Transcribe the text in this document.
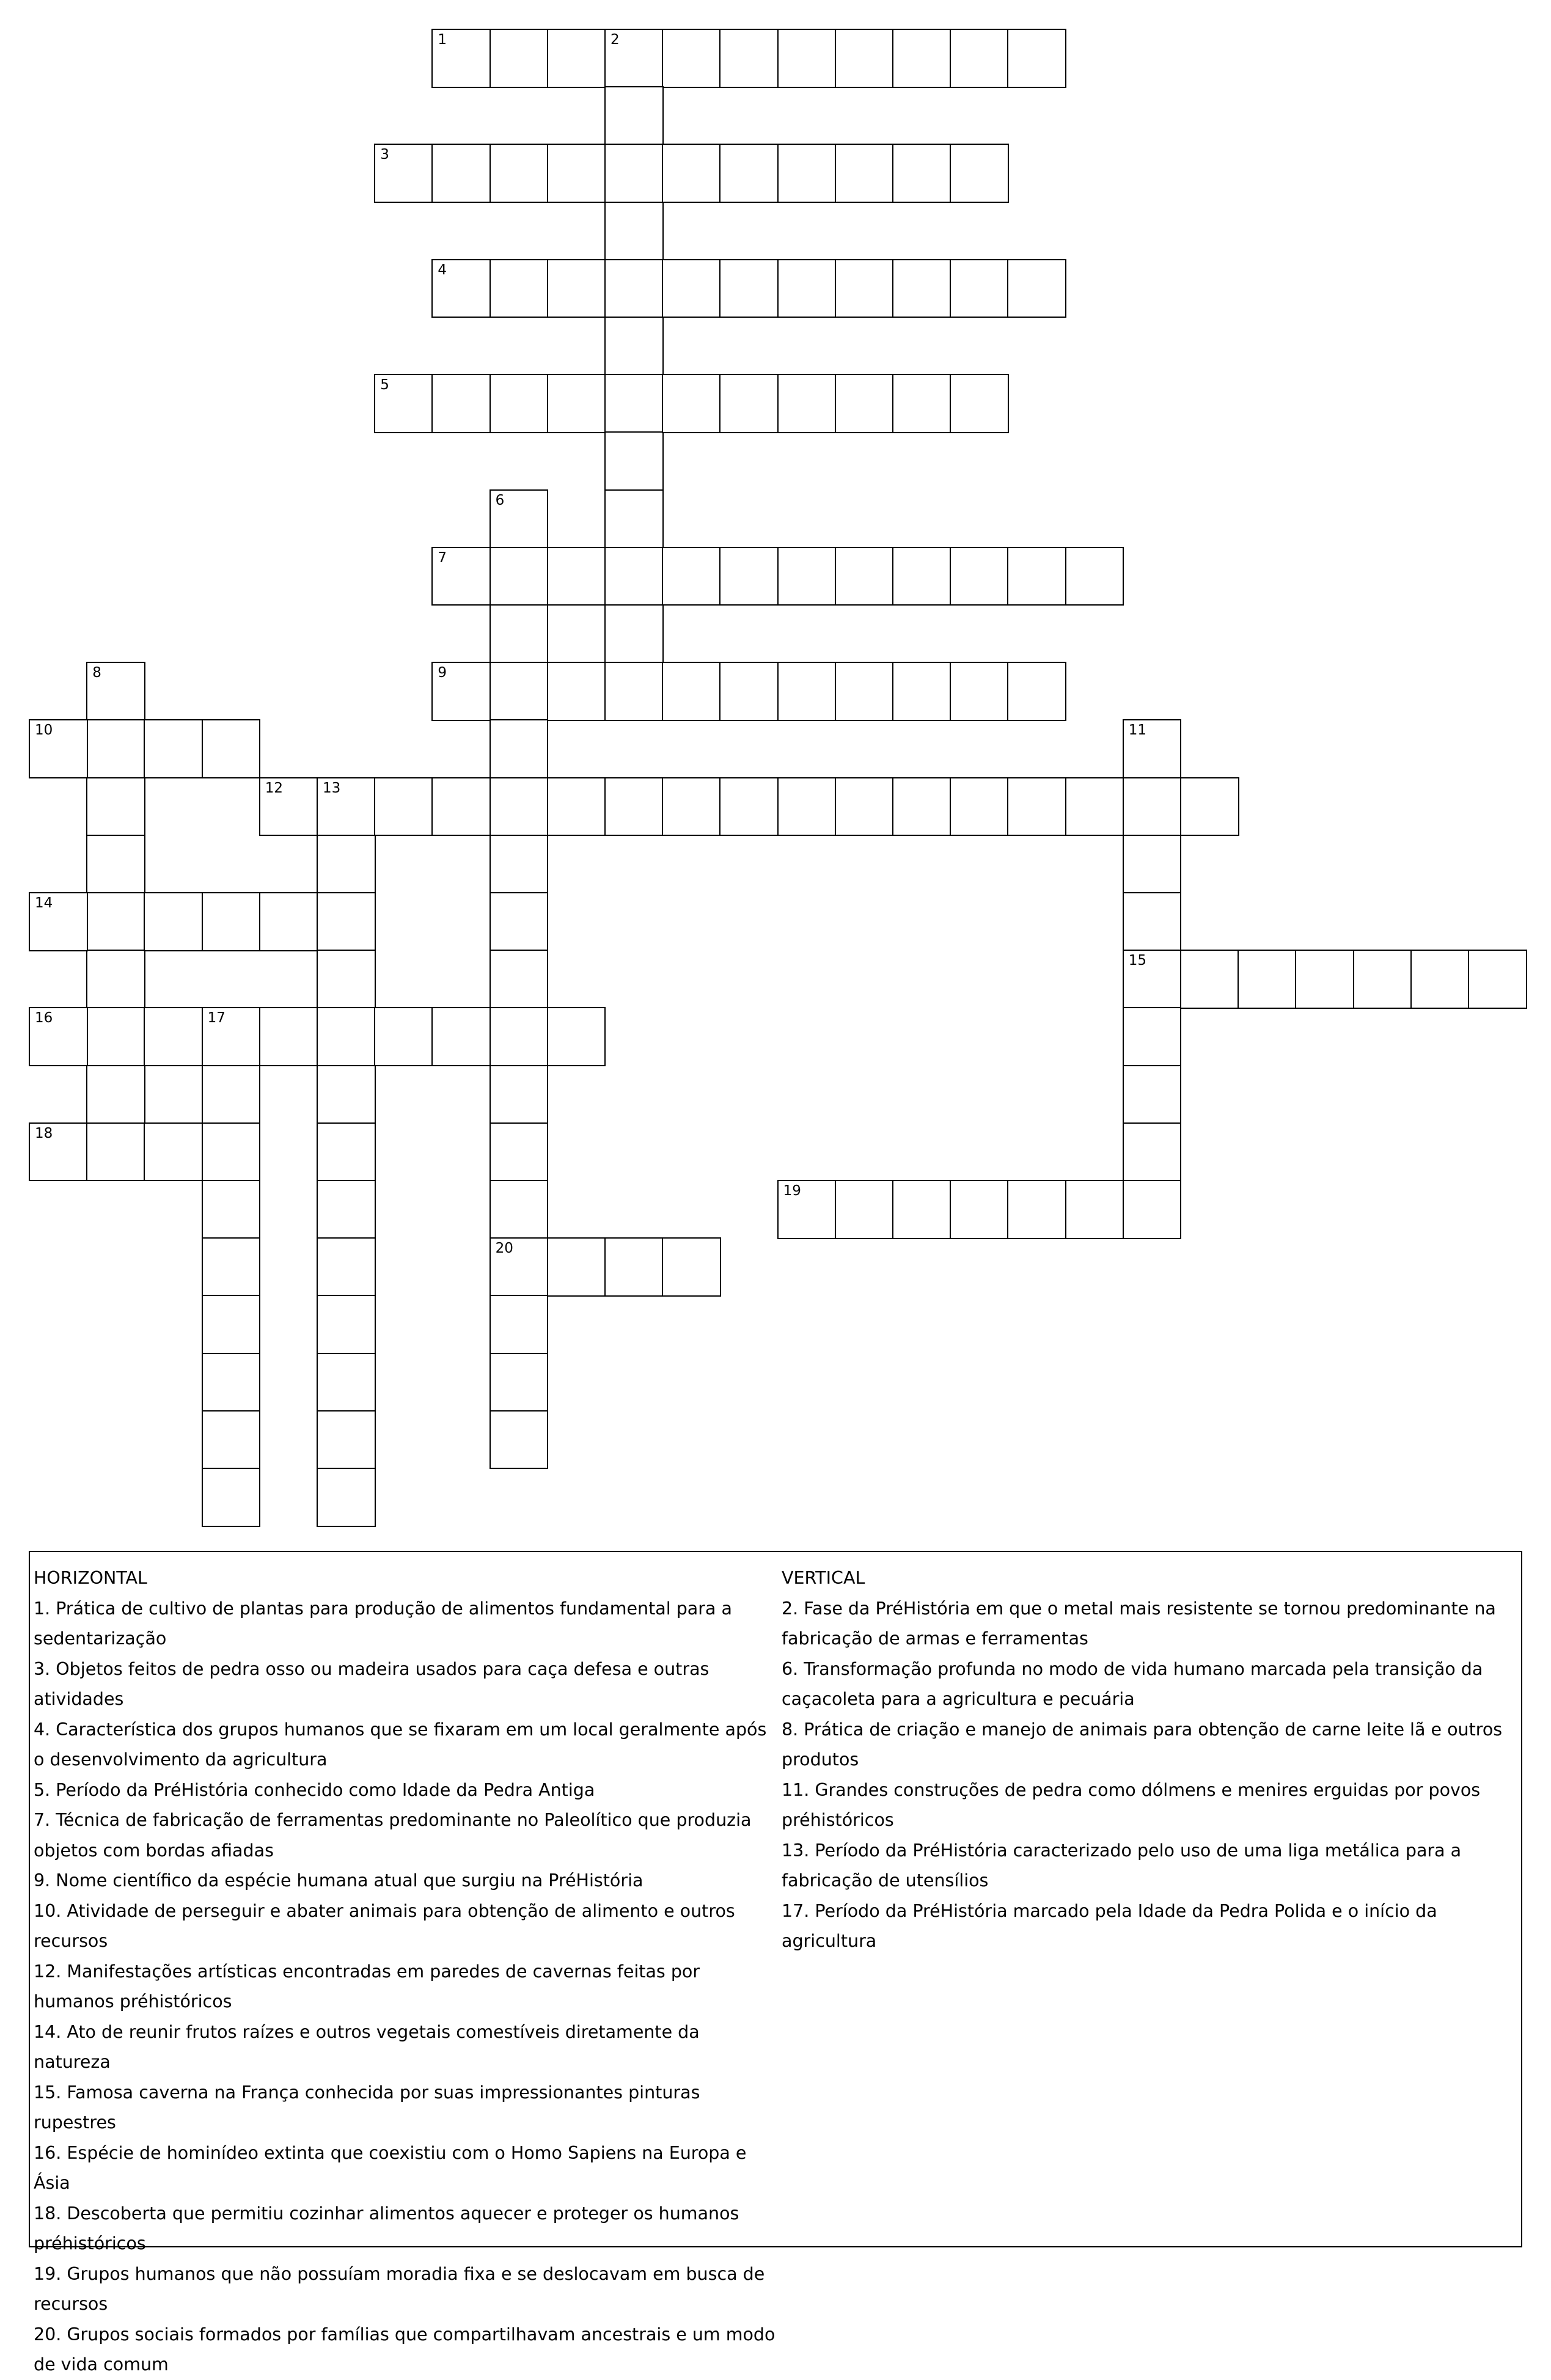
1	2
3
4
5
6
20
7
8	9
10	11
15
12	13
14
16	17
18
19
HORIZONTAL
1. Prática de cultivo de plantas para produção de alimentos fundamental para a sedentarização
3. Objetos feitos de pedra osso ou madeira usados para caça defesa e outras atividades
4. Característica dos grupos humanos que se fixaram em um local geralmente após o desenvolvimento da agricultura
5. Período da PréHistória conhecido como Idade da Pedra Antiga
7. Técnica de fabricação de ferramentas predominante no Paleolítico que produzia objetos com bordas afiadas
9. Nome científico da espécie humana atual que surgiu na PréHistória
10. Atividade de perseguir e abater animais para obtenção de alimento e outros recursos
12. Manifestações artísticas encontradas em paredes de cavernas feitas por humanos préhistóricos
14. Ato de reunir frutos raízes e outros vegetais comestíveis diretamente da natureza
15. Famosa caverna na França conhecida por suas impressionantes pinturas rupestres
16. Espécie de hominídeo extinta que coexistiu com o Homo Sapiens na Europa e Ásia
18. Descoberta que permitiu cozinhar alimentos aquecer e proteger os humanos préhistóricos
19. Grupos humanos que não possuíam moradia fixa e se deslocavam em busca de recursos
20. Grupos sociais formados por famílias que compartilhavam ancestrais e um modo de vida comum
VERTICAL
2. Fase da PréHistória em que o metal mais resistente se tornou predominante na fabricação de armas e ferramentas
6. Transformação profunda no modo de vida humano marcada pela transição da caçacoleta para a agricultura e pecuária
8. Prática de criação e manejo de animais para obtenção de carne leite lã e outros produtos
11. Grandes construções de pedra como dólmens e menires erguidas por povos préhistóricos
13. Período da PréHistória caracterizado pelo uso de uma liga metálica para a fabricação de utensílios
17. Período da PréHistória marcado pela Idade da Pedra Polida e o início da agricultura
